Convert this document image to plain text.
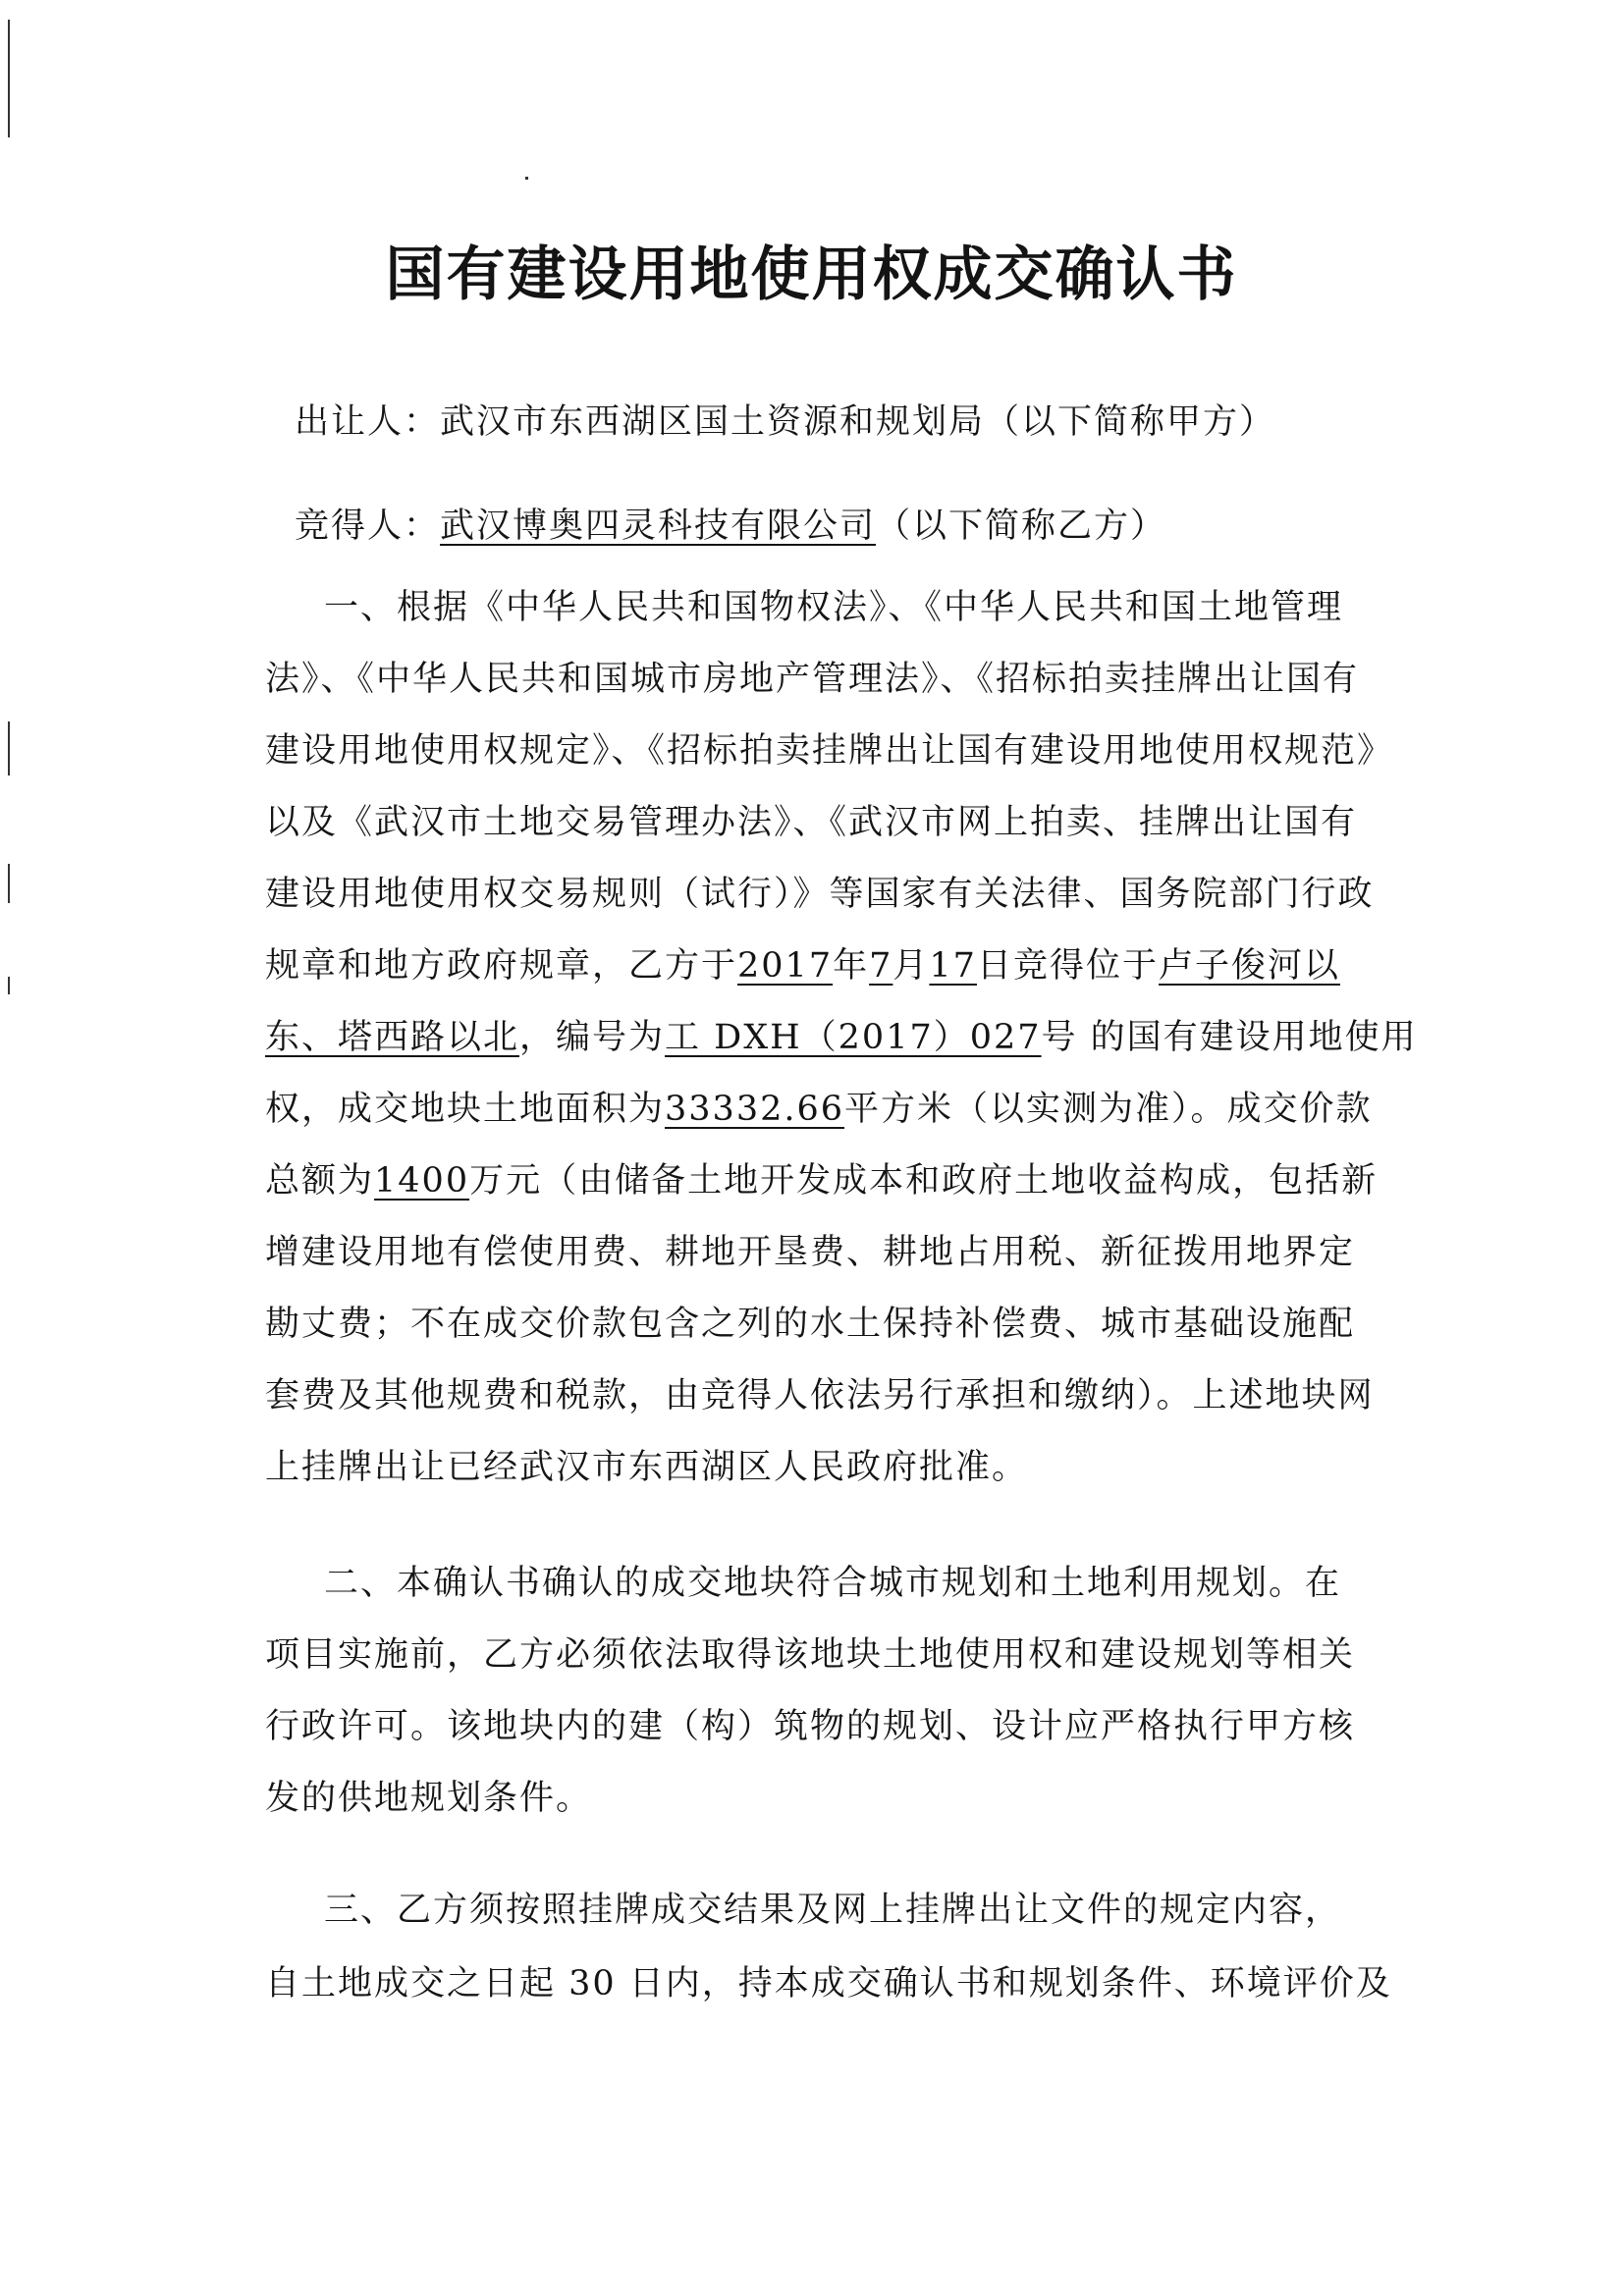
国有建设用地使用权成交确认书
出让人：武汉市东西湖区国土资源和规划局（以下简称甲方）
竞得人：武汉博奥四灵科技有限公司（以下简称乙方）
一、根据《中华人民共和国物权法》、《中华人民共和国土地管理
法》、《中华人民共和国城市房地产管理法》、《招标拍卖挂牌出让国有
建设用地使用权规定》、《招标拍卖挂牌出让国有建设用地使用权规范》
以及《武汉市土地交易管理办法》、《武汉市网上拍卖、挂牌出让国有
建设用地使用权交易规则（试行）》等国家有关法律、国务院部门行政
规章和地方政府规章，乙方于2017年7月17日竞得位于卢子俊河以
东、塔西路以北，编号为工 DXH（2017）027号 的国有建设用地使用
权，成交地块土地面积为33332.66平方米（以实测为准）。成交价款
总额为1400万元（由储备土地开发成本和政府土地收益构成，包括新
增建设用地有偿使用费、耕地开垦费、耕地占用税、新征拨用地界定
勘丈费；不在成交价款包含之列的水土保持补偿费、城市基础设施配
套费及其他规费和税款，由竞得人依法另行承担和缴纳）。上述地块网
上挂牌出让已经武汉市东西湖区人民政府批准。
二、本确认书确认的成交地块符合城市规划和土地利用规划。在
项目实施前，乙方必须依法取得该地块土地使用权和建设规划等相关
行政许可。该地块内的建（构）筑物的规划、设计应严格执行甲方核
发的供地规划条件。
三、乙方须按照挂牌成交结果及网上挂牌出让文件的规定内容，
自土地成交之日起 30 日内，持本成交确认书和规划条件、环境评价及
